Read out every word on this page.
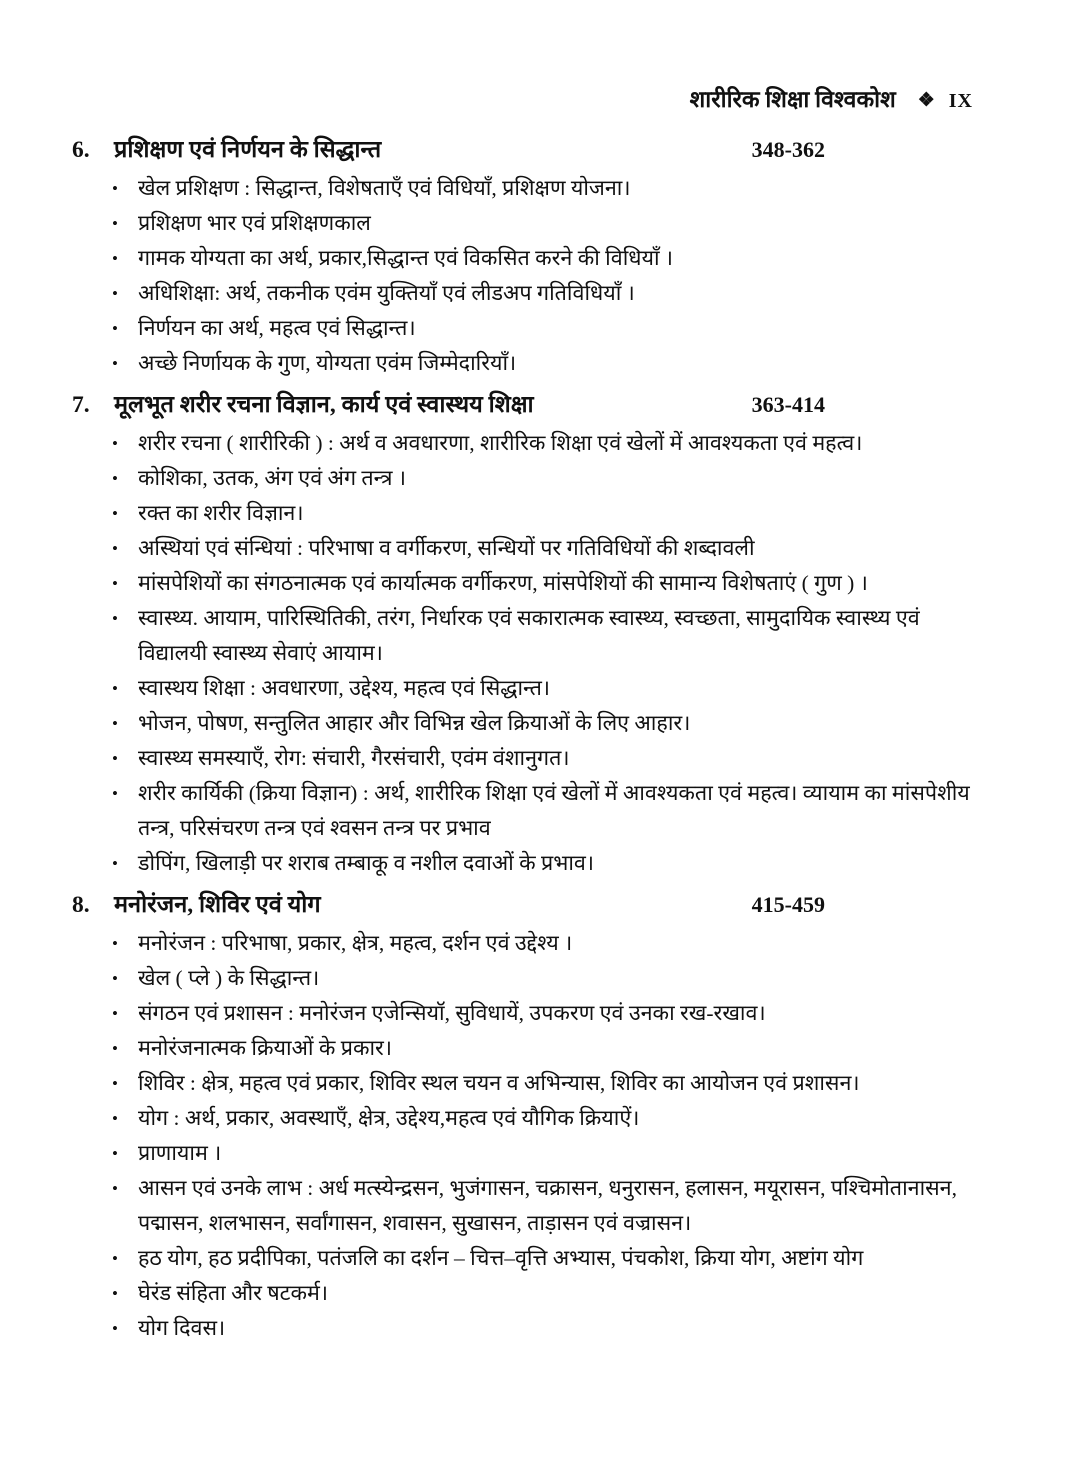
शारीरिक शिक्षा विश्वकोश ❖ IX
6.	प्रशिक्षण एवं निर्णयन के सिद्धान्त	348-362
• खेल प्रशिक्षण : सिद्धान्त, विशेषताएँ एवं विधियाँ, प्रशिक्षण योजना।
• प्रशिक्षण भार एवं प्रशिक्षणकाल
• गामक योग्यता का अर्थ, प्रकार,सिद्धान्त एवं विकसित करने की विधियाँ ।
• अधिशिक्षा: अर्थ, तकनीक एवंम युक्तियाँ एवं लीडअप गतिविधियाँ ।
• निर्णयन का अर्थ, महत्व एवं सिद्धान्त।
• अच्छे निर्णायक के गुण, योग्यता एवंम जिम्मेदारियाँ।
7.	मूलभूत शरीर रचना विज्ञान, कार्य एवं स्वास्थय शिक्षा	363-414
• शरीर रचना ( शारीरिकी ) : अर्थ व अवधारणा, शारीरिक शिक्षा एवं खेलों में आवश्यकता एवं महत्व।
• कोशिका, उतक, अंग एवं अंग तन्त्र ।
• रक्त का शरीर विज्ञान।
• अस्थियां एवं संन्धियां : परिभाषा व वर्गीकरण, सन्धियों पर गतिविधियों की शब्दावली
• मांसपेशियों का संगठनात्मक एवं कार्यात्मक वर्गीकरण, मांसपेशियों की सामान्य विशेषताएं ( गुण ) ।
• स्वास्थ्य. आयाम, पारिस्थितिकी, तरंग, निर्धारक एवं सकारात्मक स्वास्थ्य, स्वच्छता, सामुदायिक स्वास्थ्य एवं विद्यालयी स्वास्थ्य सेवाएं आयाम।
• स्वास्थय शिक्षा : अवधारणा, उद्देश्य, महत्व एवं सिद्धान्त।
• भोजन, पोषण, सन्तुलित आहार और विभिन्न खेल क्रियाओं के लिए आहार।
• स्वास्थ्य समस्याएँ, रोग: संचारी, गैरसंचारी, एवंम वंशानुगत।
• शरीर कार्यिकी (क्रिया विज्ञान) : अर्थ, शारीरिक शिक्षा एवं खेलों में आवश्यकता एवं महत्व। व्यायाम का मांसपेशीय तन्त्र, परिसंचरण तन्त्र एवं श्वसन तन्त्र पर प्रभाव
• डोपिंग, खिलाड़ी पर शराब तम्बाकू व नशील दवाओं के प्रभाव।
8.	मनोरंजन, शिविर एवं योग	415-459
• मनोरंजन : परिभाषा, प्रकार, क्षेत्र, महत्व, दर्शन एवं उद्देश्य ।
• खेल ( प्ले ) के सिद्धान्त।
• संगठन एवं प्रशासन : मनोरंजन एजेन्सियॉ, सुविधायें, उपकरण एवं उनका रख-रखाव।
• मनोरंजनात्मक क्रियाओं के प्रकार।
• शिविर : क्षेत्र, महत्व एवं प्रकार, शिविर स्थल चयन व अभिन्यास, शिविर का आयोजन एवं प्रशासन।
• योग : अर्थ, प्रकार, अवस्थाएँ, क्षेत्र, उद्देश्य,महत्व एवं यौगिक क्रियाऐं।
• प्राणायाम ।
• आसन एवं उनके लाभ : अर्ध मत्स्येन्द्रसन, भुजंगासन, चक्रासन, धनुरासन, हलासन, मयूरासन, पश्चिमोतानासन, पद्मासन, शलभासन, सर्वांगासन, शवासन, सुखासन, ताड़ासन एवं वज्रासन।
• हठ योग, हठ प्रदीपिका, पतंजलि का दर्शन – चित्त–वृत्ति अभ्यास, पंचकोश, क्रिया योग, अष्टांग योग
• घेरंड संहिता और षटकर्म।
• योग दिवस।
